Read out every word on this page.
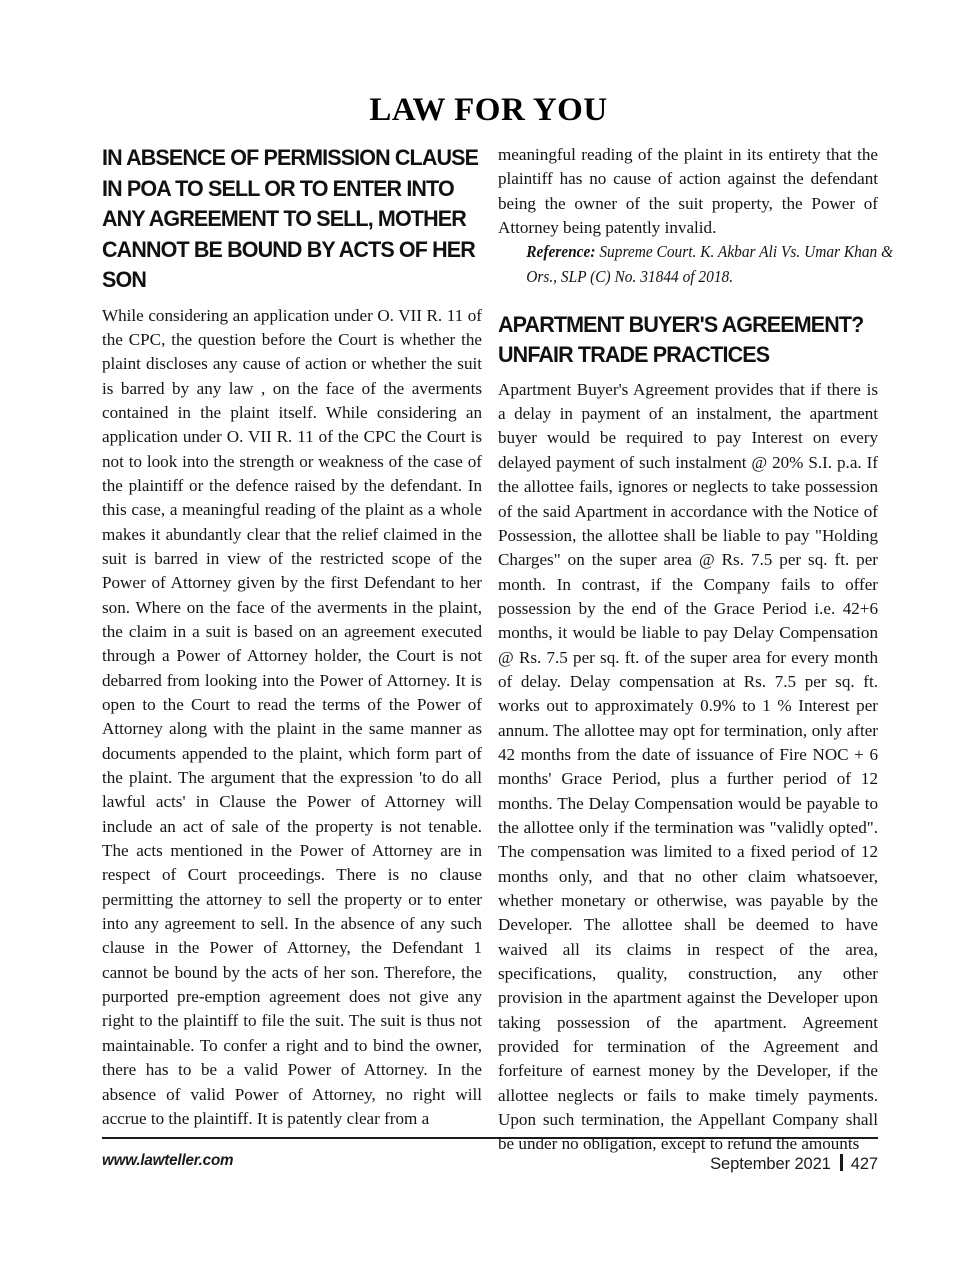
LAW FOR YOU
IN ABSENCE OF PERMISSION CLAUSE IN POA TO SELL OR TO ENTER INTO ANY AGREEMENT TO SELL, MOTHER CANNOT BE BOUND BY ACTS OF HER SON

While considering an application under O. VII R. 11 of the CPC, the question before the Court is whether the plaint discloses any cause of action or whether the suit is barred by any law , on the face of the averments contained in the plaint itself. While considering an application under O. VII R. 11 of the CPC the Court is not to look into the strength or weakness of the case of the plaintiff or the defence raised by the defendant. In this case, a meaningful reading of the plaint as a whole makes it abundantly clear that the relief claimed in the suit is barred in view of the restricted scope of the Power of Attorney given by the first Defendant to her son. Where on the face of the averments in the plaint, the claim in a suit is based on an agreement executed through a Power of Attorney holder, the Court is not debarred from looking into the Power of Attorney. It is open to the Court to read the terms of the Power of Attorney along with the plaint in the same manner as documents appended to the plaint, which form part of the plaint. The argument that the expression 'to do all lawful acts' in Clause the Power of Attorney will include an act of sale of the property is not tenable. The acts mentioned in the Power of Attorney are in respect of Court proceedings. There is no clause permitting the attorney to sell the property or to enter into any agreement to sell. In the absence of any such clause in the Power of Attorney, the Defendant 1 cannot be bound by the acts of her son. Therefore, the purported pre-emption agreement does not give any right to the plaintiff to file the suit. The suit is thus not maintainable. To confer a right and to bind the owner, there has to be a valid Power of Attorney. In the absence of valid Power of Attorney, no right will accrue to the plaintiff. It is patently clear from a

meaningful reading of the plaint in its entirety that the plaintiff has no cause of action against the defendant being the owner of the suit property, the Power of Attorney being patently invalid.

Reference: Supreme Court. K. Akbar Ali Vs. Umar Khan & Ors., SLP (C) No. 31844 of 2018.

APARTMENT BUYER'S AGREEMENT? UNFAIR TRADE PRACTICES

Apartment Buyer's Agreement provides that if there is a delay in payment of an instalment, the apartment buyer would be required to pay Interest on every delayed payment of such instalment @ 20% S.I. p.a. If the allottee fails, ignores or neglects to take possession of the said Apartment in accordance with the Notice of Possession, the allottee shall be liable to pay "Holding Charges" on the super area @ Rs. 7.5 per sq. ft. per month. In contrast, if the Company fails to offer possession by the end of the Grace Period i.e. 42+6 months, it would be liable to pay Delay Compensation @ Rs. 7.5 per sq. ft. of the super area for every month of delay. Delay compensation at Rs. 7.5 per sq. ft. works out to approximately 0.9% to 1 % Interest per annum. The allottee may opt for termination, only after 42 months from the date of issuance of Fire NOC + 6 months' Grace Period, plus a further period of 12 months. The Delay Compensation would be payable to the allottee only if the termination was "validly opted". The compensation was limited to a fixed period of 12 months only, and that no other claim whatsoever, whether monetary or otherwise, was payable by the Developer. The allottee shall be deemed to have waived all its claims in respect of the area, specifications, quality, construction, any other provision in the apartment against the Developer upon taking possession of the apartment. Agreement provided for termination of the Agreement and forfeiture of earnest money by the Developer, if the allottee neglects or fails to make timely payments. Upon such termination, the Appellant Company shall be under no obligation, except to refund the amounts

www.lawteller.com	September 2021 427
